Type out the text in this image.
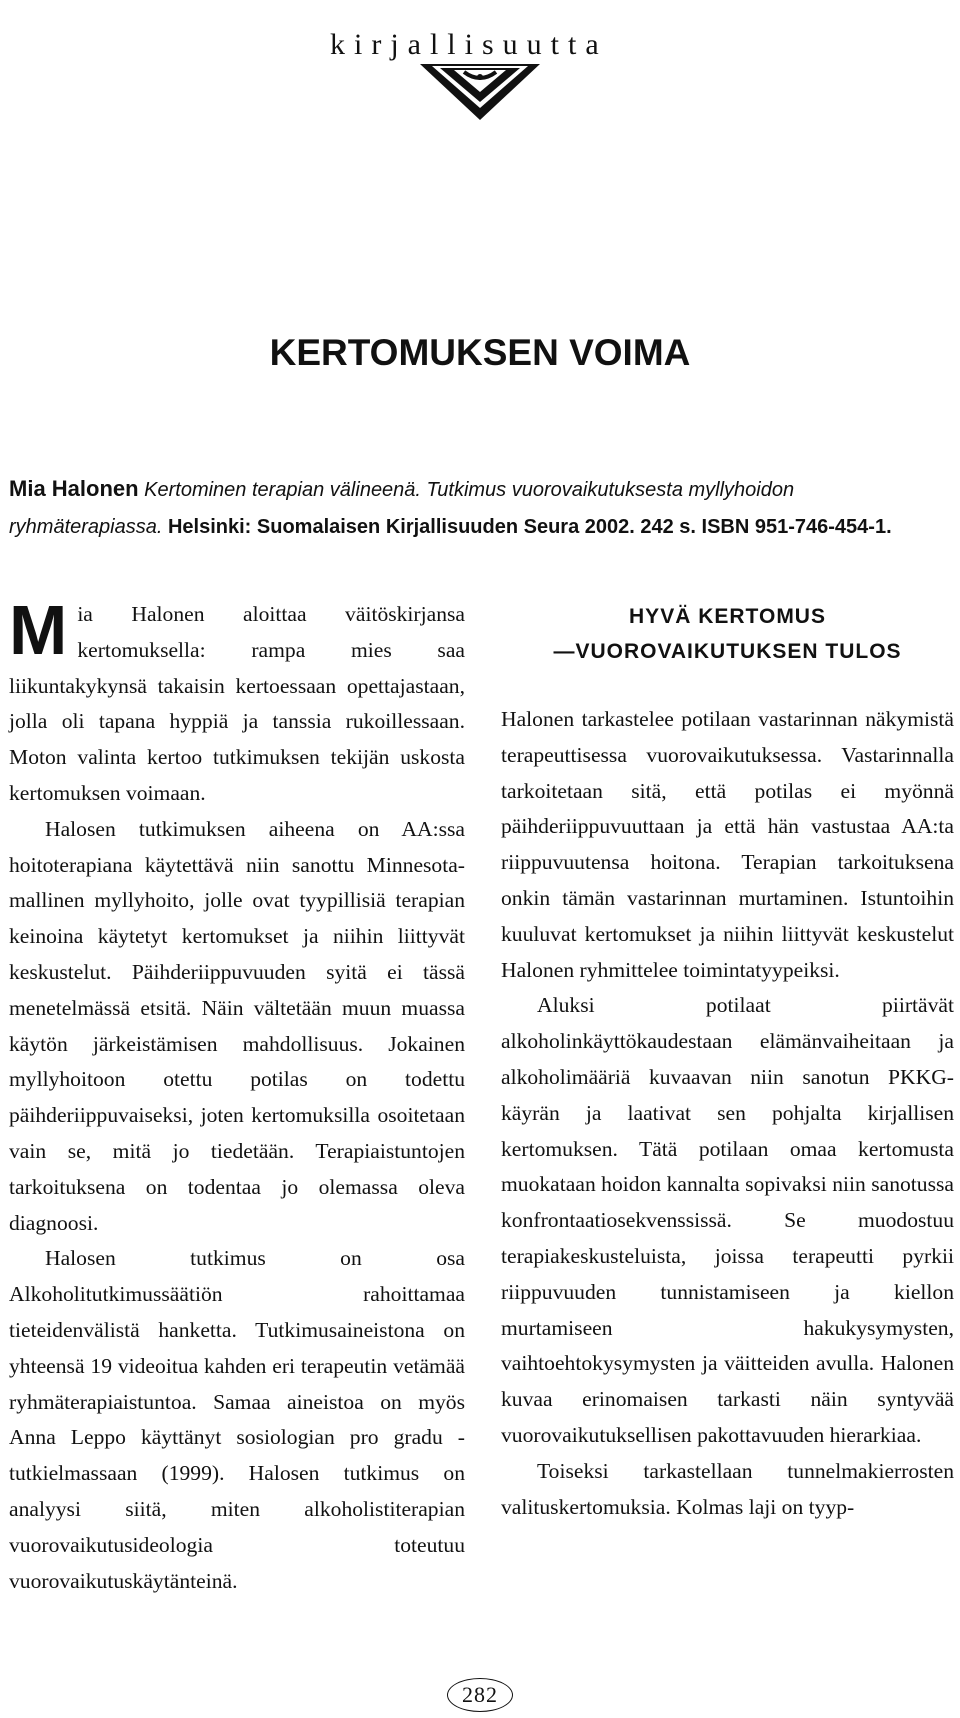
kirjallisuutta
KERTOMUKSEN VOIMA
Mia Halonen Kertominen terapian välineenä. Tutkimus vuorovaikutuksesta myllyhoidon ryhmäterapiassa. Helsinki: Suomalaisen Kirjallisuuden Seura 2002. 242 s. ISBN 951-746-454-1.

Mia Halonen aloittaa väitöskirjansa kertomuksella: rampa mies saa liikuntakykynsä takaisin kertoessaan opettajastaan, jolla oli tapana hyppiä ja tanssia rukoillessaan. Moton valinta kertoo tutkimuksen tekijän uskosta kertomuksen voimaan.

Halosen tutkimuksen aiheena on AA:ssa hoitoterapiana käytettävä niin sanottu Minnesota-mallinen myllyhoito, jolle ovat tyypillisiä terapian keinoina käytetyt kertomukset ja niihin liittyvät keskustelut. Päihderiippuvuuden syitä ei tässä menetelmässä etsitä. Näin vältetään muun muassa käytön järkeistämisen mahdollisuus. Jokainen myllyhoitoon otettu potilas on todettu päihderiippuvaiseksi, joten kertomuksilla osoitetaan vain se, mitä jo tiedetään. Terapiaistuntojen tarkoituksena on todentaa jo olemassa oleva diagnoosi.

Halosen tutkimus on osa Alkoholitutkimussäätiön rahoittamaa tieteidenvälistä hanketta. Tutkimusaineistona on yhteensä 19 videoitua kahden eri terapeutin vetämää ryhmäterapiaistuntoa. Samaa aineistoa on myös Anna Leppo käyttänyt sosiologian pro gradu -tutkielmassaan (1999). Halosen tutkimus on analyysi siitä, miten alkoholistiterapian vuorovaikutusideologia toteutuu vuorovaikutuskäytänteinä.

HYVÄ KERTOMUS
—VUOROVAIKUTUKSEN TULOS

Halonen tarkastelee potilaan vastarinnan näkymistä terapeuttisessa vuorovaikutuksessa. Vastarinnalla tarkoitetaan sitä, että potilas ei myönnä päihderiippuvuuttaan ja että hän vastustaa AA:ta riippuvuutensa hoitona. Terapian tarkoituksena onkin tämän vastarinnan murtaminen. Istuntoihin kuuluvat kertomukset ja niihin liittyvät keskustelut Halonen ryhmittelee toimintatyypeiksi.

Aluksi potilaat piirtävät alkoholinkäyttökaudestaan elämänvaiheitaan ja alkoholimääriä kuvaavan niin sanotun PKKG-käyrän ja laativat sen pohjalta kirjallisen kertomuksen. Tätä potilaan omaa kertomusta muokataan hoidon kannalta sopivaksi niin sanotussa konfrontaatiosekvenssissä. Se muodostuu terapiakeskusteluista, joissa terapeutti pyrkii riippuvuuden tunnistamiseen ja kiellon murtamiseen hakukysymysten, vaihtoehtokysymysten ja väitteiden avulla. Halonen kuvaa erinomaisen tarkasti näin syntyvää vuorovaikutuksellisen pakottavuuden hierarkiaa.

Toiseksi tarkastellaan tunnelmakierrosten valituskertomuksia. Kolmas laji on tyyp-

282
